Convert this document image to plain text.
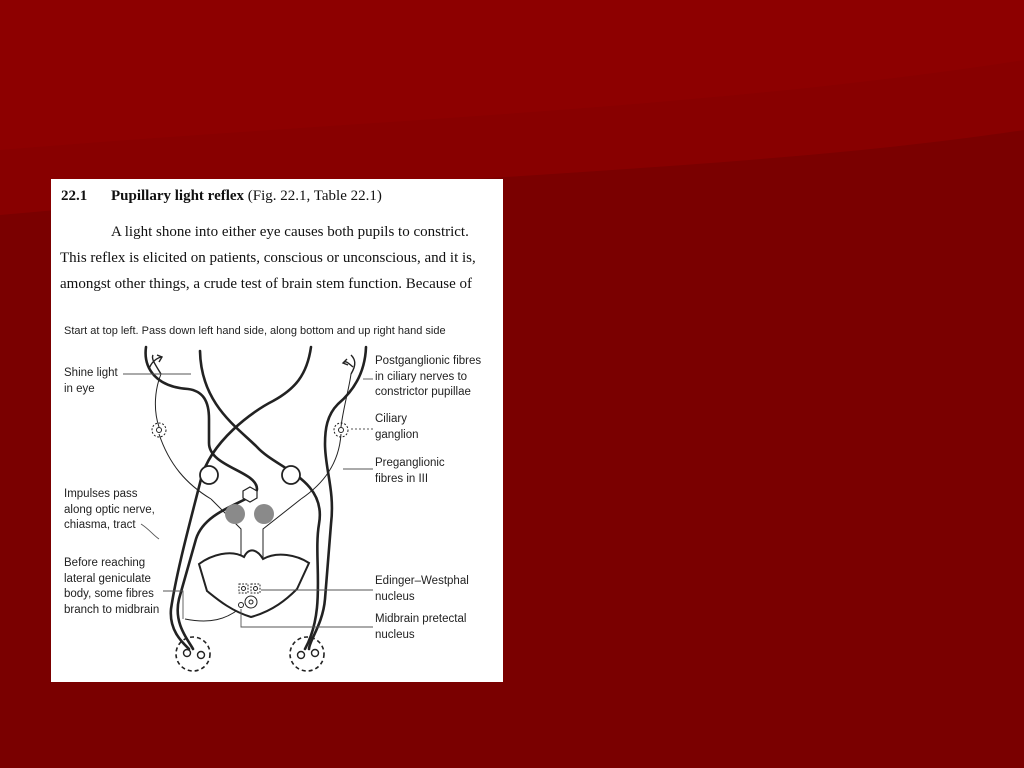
22.1 Pupillary light reflex (Fig. 22.1, Table 22.1)
A light shone into either eye causes both pupils to constrict.
This reflex is elicited on patients, conscious or unconscious, and it is,
amongst other things, a crude test of brain stem function. Because of
Start at top left. Pass down left hand side, along bottom and up right hand side
Shine light
in eye
Impulses pass
along optic nerve,
chiasma, tract
Before reaching
lateral geniculate
body, some fibres
branch to midbrain
Postganglionic fibres
in ciliary nerves to
constrictor pupillae
Ciliary
ganglion
Preganglionic
fibres in III
Edinger–Westphal
nucleus
Midbrain pretectal
nucleus
